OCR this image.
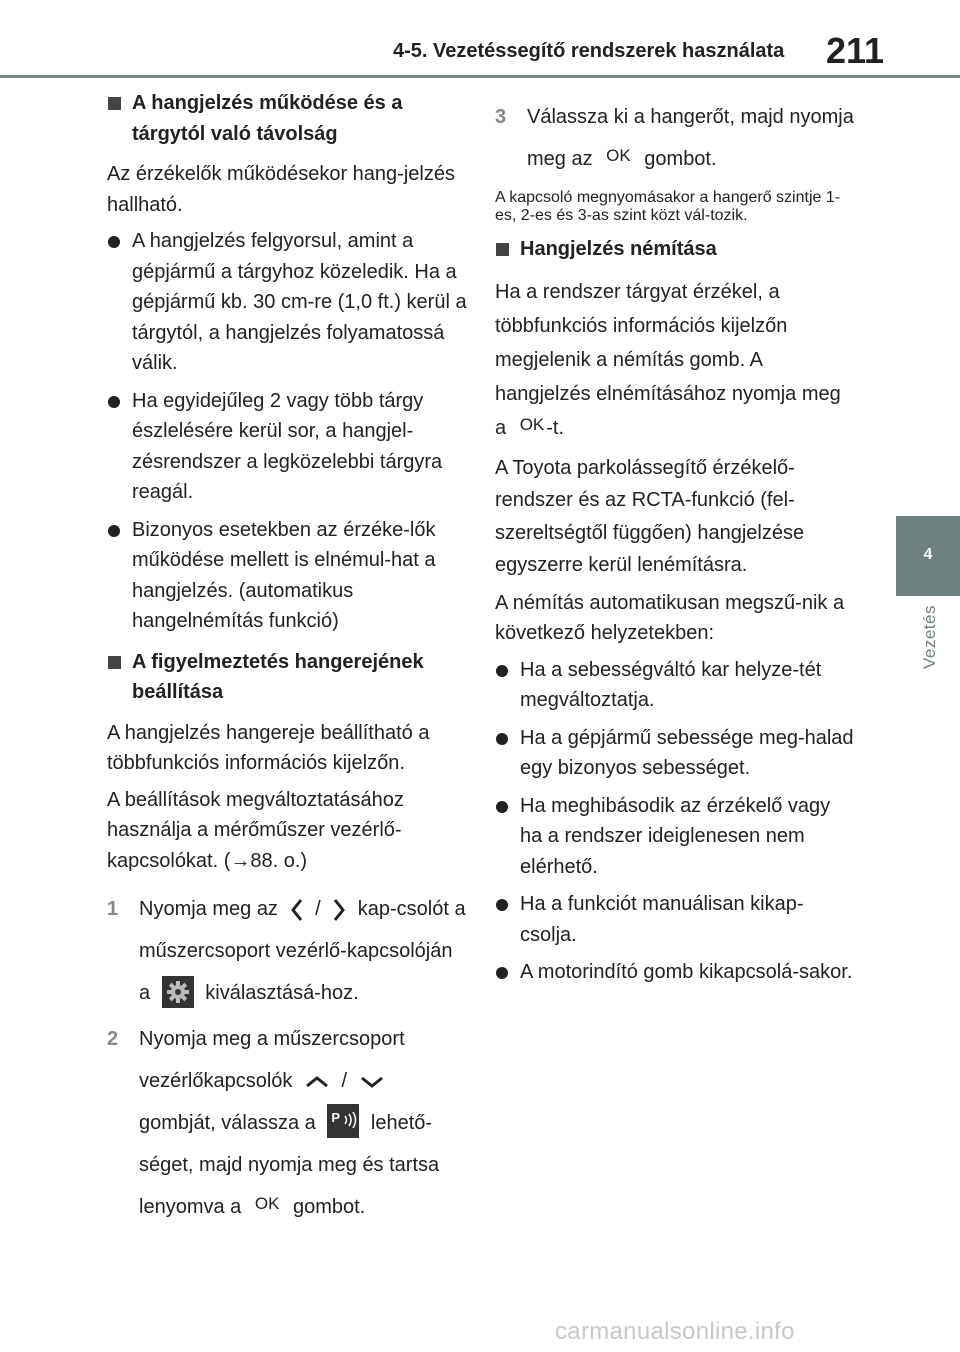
4-5. Vezetéssegítő rendszerek használata 211
4
Vezetés
A hangjelzés működése és a tárgytól való távolság
Az érzékelők működésekor hang-jelzés hallható.
A hangjelzés felgyorsul, amint a gépjármű a tárgyhoz közeledik. Ha a gépjármű kb. 30 cm-re (1,0 ft.) kerül a tárgytól, a hangjelzés folyamatossá válik.
Ha egyidejűleg 2 vagy több tárgy észlelésére kerül sor, a hangjel-zésrendszer a legközelebbi tárgyra reagál.
Bizonyos esetekben az érzéke-lők működése mellett is elnémul-hat a hangjelzés. (automatikus hangelnémítás funkció)
A figyelmeztetés hangerejének beállítása
A hangjelzés hangereje beállítható a többfunkciós információs kijelzőn.
A beállítások megváltoztatásához használja a mérőműszer vezérlő-kapcsolókat. (→88. o.)
1 Nyomja meg az / kap-csolót a műszercsoport vezérlő-kapcsolóján a	kiválasztásá-hoz.
2 Nyomja meg a műszercsoport vezérlőkapcsolók /  gombját, válassza a P lehető-séget, majd nyomja meg és tartsa lenyomva a OK gombot.
3 Válassza ki a hangerőt, majd nyomja meg az OK gombot.
A kapcsoló megnyomásakor a hangerő szintje 1-es, 2-es és 3-as szint közt vál-tozik.
Hangjelzés némítása
Ha a rendszer tárgyat érzékel, a többfunkciós információs kijelzőn megjelenik a némítás gomb. A hangjelzés elnémításához nyomja meg a OK -t.
A Toyota parkolássegítő érzékelő-rendszer és az RCTA-funkció (fel-szereltségtől függően) hangjelzése egyszerre kerül lenémításra.
A némítás automatikusan megszű-nik a következő helyzetekben:
Ha a sebességváltó kar helyze-tét megváltoztatja.
Ha a gépjármű sebessége meg-halad egy bizonyos sebességet.
Ha meghibásodik az érzékelő vagy ha a rendszer ideiglenesen nem elérhető.
Ha a funkciót manuálisan kikap-csolja.
A motorindító gomb kikapcsolá-sakor.
carmanualsonline.info
